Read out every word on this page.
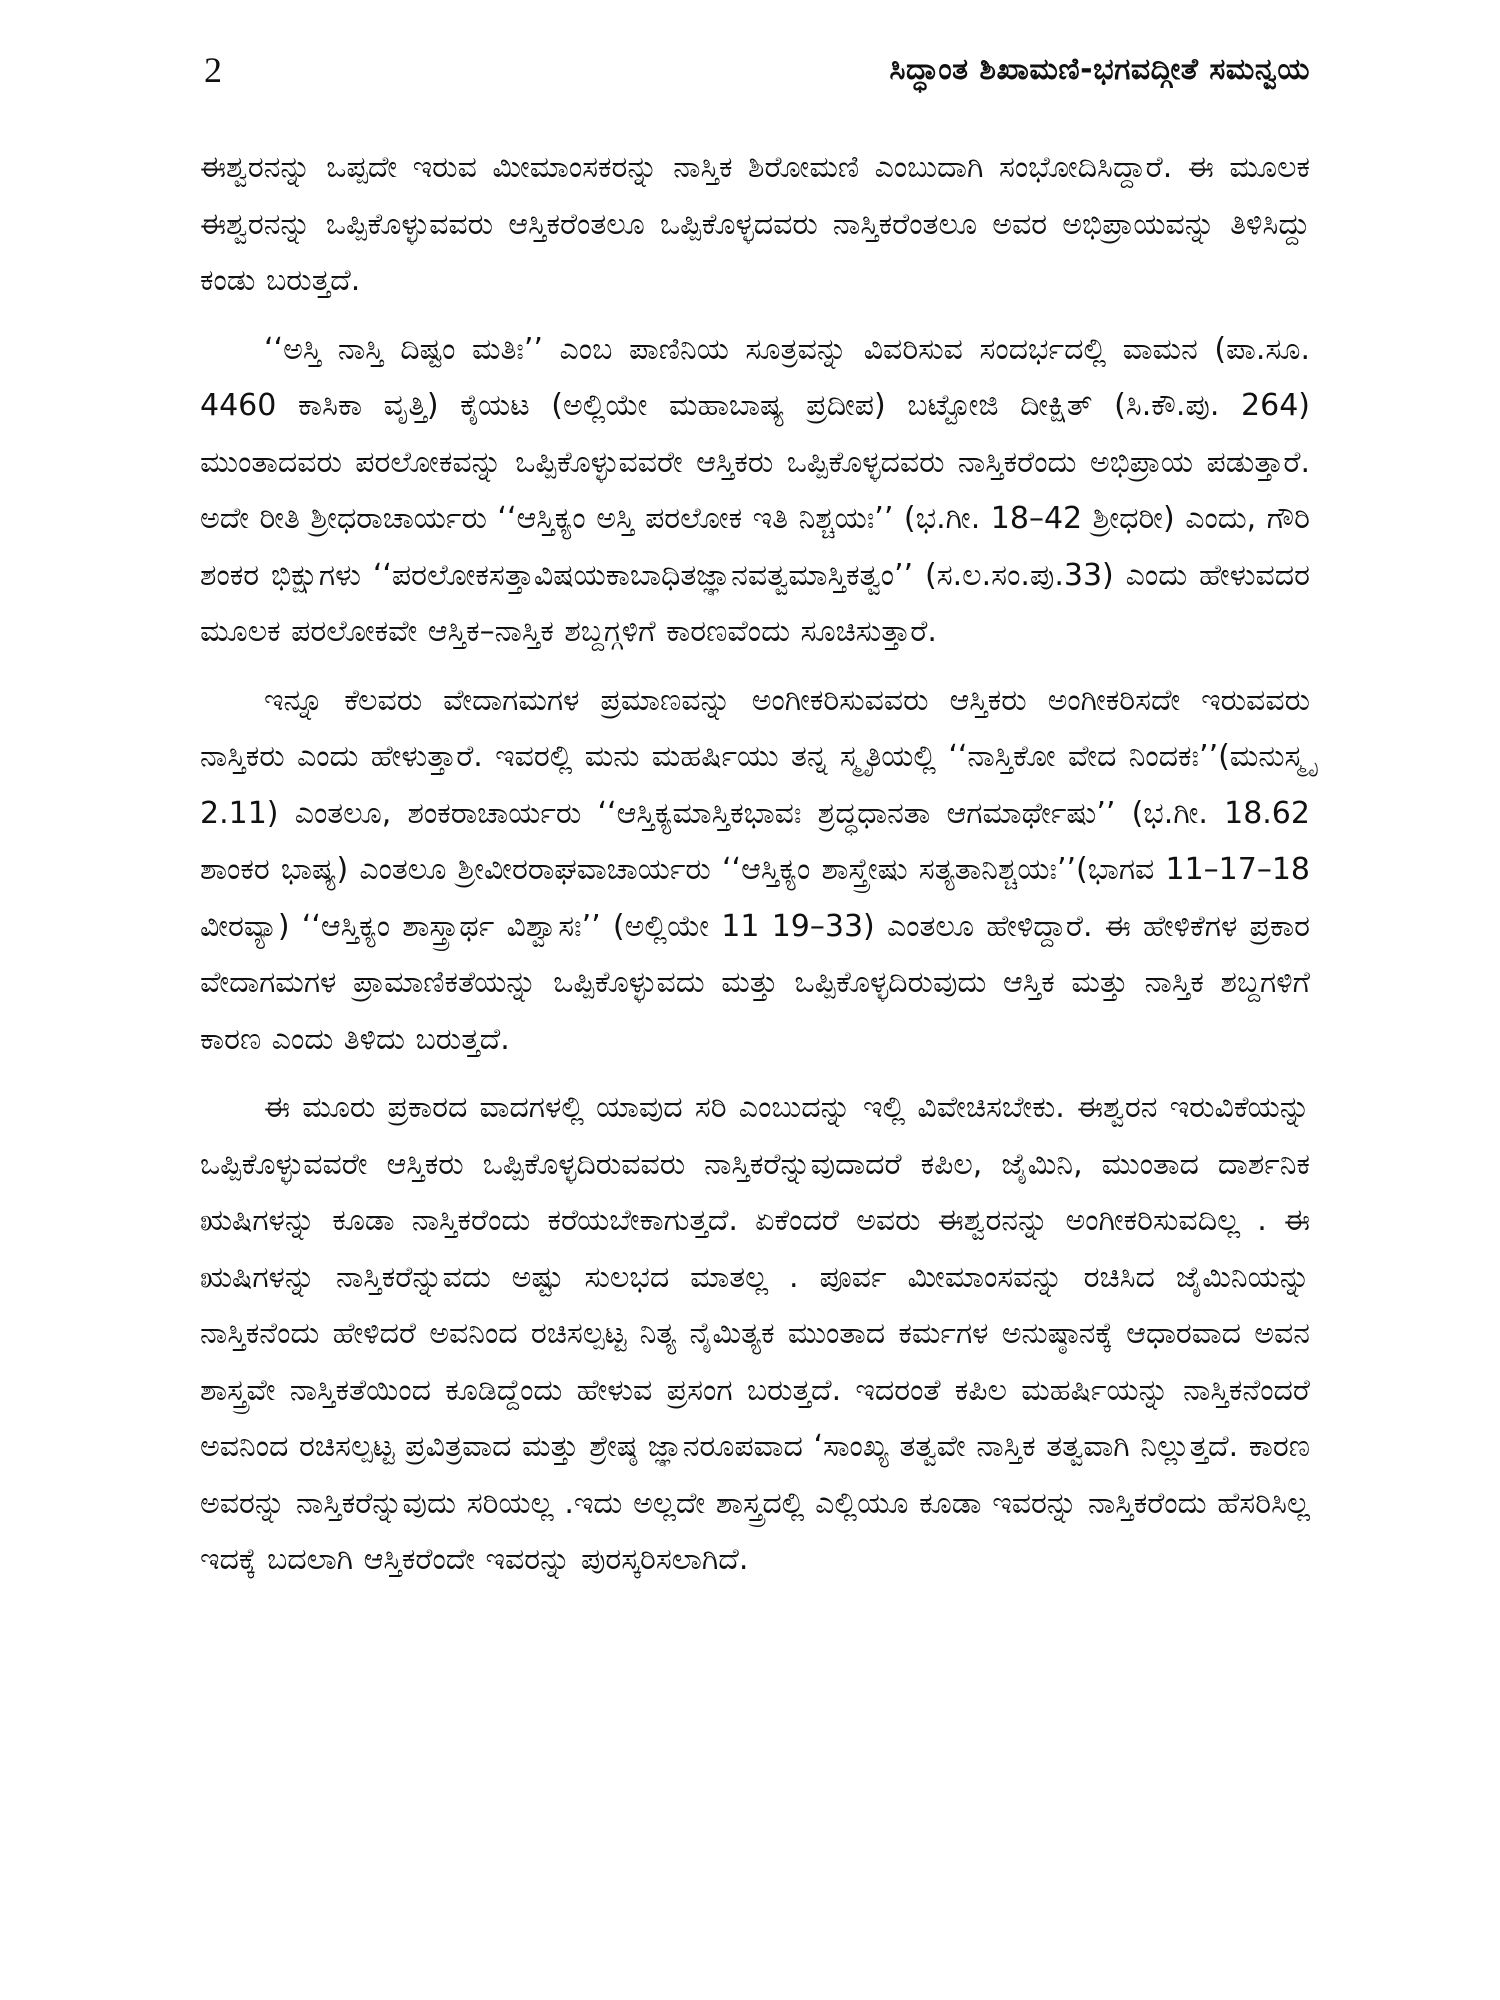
2	ಸಿದ್ಧಾಂತ ಶಿಖಾಮಣಿ-ಭಗವದ್ಗೀತೆ ಸಮನ್ವಯ

ಈಶ್ವರನನ್ನು ಒಪ್ಪದೇ ಇರುವ ಮೀಮಾಂಸಕರನ್ನು ನಾಸ್ತಿಕ ಶಿರೋಮಣಿ ಎಂಬುದಾಗಿ ಸಂಭೋದಿಸಿದ್ದಾರೆ. ಈ ಮೂಲಕ ಈಶ್ವರನನ್ನು ಒಪ್ಪಿಕೊಳ್ಳುವವರು ಆಸ್ತಿಕರೆಂತಲೂ ಒಪ್ಪಿಕೊಳ್ಳದವರು ನಾಸ್ತಿಕರೆಂತಲೂ ಅವರ ಅಭಿಪ್ರಾಯವನ್ನು ತಿಳಿಸಿದ್ದು ಕಂಡು ಬರುತ್ತದೆ.

‘‘ಅಸ್ತಿ ನಾಸ್ತಿ ದಿಷ್ಟಂ ಮತಿಃ’’ ಎಂಬ ಪಾಣಿನಿಯ ಸೂತ್ರವನ್ನು ವಿವರಿಸುವ ಸಂದರ್ಭದಲ್ಲಿ ವಾಮನ (ಪಾ.ಸೂ. 4460 ಕಾಸಿಕಾ ವೃತ್ತಿ) ಕೈಯಟ (ಅಲ್ಲಿಯೇ ಮಹಾಬಾಷ್ಯ ಪ್ರದೀಪ) ಬಟ್ಟೋಜಿ ದೀಕ್ಷಿತ್ (ಸಿ.ಕೌ.ಪು. 264) ಮುಂತಾದವರು ಪರಲೋಕವನ್ನು ಒಪ್ಪಿಕೊಳ್ಳುವವರೇ ಆಸ್ತಿಕರು ಒಪ್ಪಿಕೊಳ್ಳದವರು ನಾಸ್ತಿಕರೆಂದು ಅಭಿಪ್ರಾಯ ಪಡುತ್ತಾರೆ. ಅದೇ ರೀತಿ ಶ್ರೀಧರಾಚಾರ್ಯರು ‘‘ಆಸ್ತಿಕ್ಯಂ ಅಸ್ತಿ ಪರಲೋಕ ಇತಿ ನಿಶ್ಚಯಃ’’ (ಭ.ಗೀ. 18–42 ಶ್ರೀಧರೀ) ಎಂದು, ಗೌರಿ ಶಂಕರ ಭಿಕ್ಷುಗಳು ‘‘ಪರಲೋಕಸತ್ತಾವಿಷಯಕಾಬಾಧಿತಜ್ಞಾನವತ್ವಮಾಸ್ತಿಕತ್ವಂ’’ (ಸ.ಲ.ಸಂ.ಪು.33) ಎಂದು ಹೇಳುವದರ ಮೂಲಕ ಪರಲೋಕವೇ ಆಸ್ತಿಕ–ನಾಸ್ತಿಕ ಶಬ್ದಗ್ಗಳಿಗೆ ಕಾರಣವೆಂದು ಸೂಚಿಸುತ್ತಾರೆ.

ಇನ್ನೂ ಕೆಲವರು ವೇದಾಗಮಗಳ ಪ್ರಮಾಣವನ್ನು ಅಂಗೀಕರಿಸುವವರು ಆಸ್ತಿಕರು ಅಂಗೀಕರಿಸದೇ ಇರುವವರು ನಾಸ್ತಿಕರು ಎಂದು ಹೇಳುತ್ತಾರೆ. ಇವರಲ್ಲಿ ಮನು ಮಹರ್ಷಿಯು ತನ್ನ ಸ್ಮೃತಿಯಲ್ಲಿ ‘‘ನಾಸ್ತಿಕೋ ವೇದ ನಿಂದಕಃ’’(ಮನುಸ್ಮೃ 2.11) ಎಂತಲೂ, ಶಂಕರಾಚಾರ್ಯರು ‘‘ಆಸ್ತಿಕ್ಯಮಾಸ್ತಿಕಭಾವಃ ಶ್ರದ್ಧಧಾನತಾ ಆಗಮಾರ್ಥೇಷು’’ (ಭ.ಗೀ. 18.62 ಶಾಂಕರ ಭಾಷ್ಯ) ಎಂತಲೂ ಶ್ರೀವೀರರಾಘವಾಚಾರ್ಯರು ‘‘ಆಸ್ತಿಕ್ಯಂ ಶಾಸ್ತ್ರೇಷು ಸತ್ಯತಾನಿಶ್ಚಯಃ’’(ಭಾಗವ 11–17–18 ವೀರವ್ಯಾ) ‘‘ಆಸ್ತಿಕ್ಯಂ ಶಾಸ್ತ್ರಾರ್ಥ ವಿಶ್ವಾಸಃ’’ (ಅಲ್ಲಿಯೇ 11 19–33) ಎಂತಲೂ ಹೇಳಿದ್ದಾರೆ. ಈ ಹೇಳಿಕೆಗಳ ಪ್ರಕಾರ ವೇದಾಗಮಗಳ ಪ್ರಾಮಾಣಿಕತೆಯನ್ನು ಒಪ್ಪಿಕೊಳ್ಳುವದು ಮತ್ತು ಒಪ್ಪಿಕೊಳ್ಳದಿರುವುದು ಆಸ್ತಿಕ ಮತ್ತು ನಾಸ್ತಿಕ ಶಬ್ದಗಳಿಗೆ ಕಾರಣ ಎಂದು ತಿಳಿದು ಬರುತ್ತದೆ.

ಈ ಮೂರು ಪ್ರಕಾರದ ವಾದಗಳಲ್ಲಿ ಯಾವುದ ಸರಿ ಎಂಬುದನ್ನು ಇಲ್ಲಿ ವಿವೇಚಿಸಬೇಕು. ಈಶ್ವರನ ಇರುವಿಕೆಯನ್ನು ಒಪ್ಪಿಕೊಳ್ಳುವವರೇ ಆಸ್ತಿಕರು ಒಪ್ಪಿಕೊಳ್ಳದಿರುವವರು ನಾಸ್ತಿಕರೆನ್ನುವುದಾದರೆ ಕಪಿಲ, ಜೈಮಿನಿ, ಮುಂತಾದ ದಾರ್ಶನಿಕ ಋಷಿಗಳನ್ನು ಕೂಡಾ ನಾಸ್ತಿಕರೆಂದು ಕರೆಯಬೇಕಾಗುತ್ತದೆ. ಏಕೆಂದರೆ ಅವರು ಈಶ್ವರನನ್ನು ಅಂಗೀಕರಿಸುವದಿಲ್ಲ . ಈ ಋಷಿಗಳನ್ನು ನಾಸ್ತಿಕರೆನ್ನುವದು ಅಷ್ಟು ಸುಲಭದ ಮಾತಲ್ಲ . ಪೂರ್ವ ಮೀಮಾಂಸವನ್ನು ರಚಿಸಿದ ಜೈಮಿನಿಯನ್ನು ನಾಸ್ತಿಕನೆಂದು ಹೇಳಿದರೆ ಅವನಿಂದ ರಚಿಸಲ್ಪಟ್ಟ ನಿತ್ಯ ನೈಮಿತ್ಯಕ ಮುಂತಾದ ಕರ್ಮಗಳ ಅನುಷ್ಠಾನಕ್ಕೆ ಆಧಾರವಾದ ಅವನ ಶಾಸ್ತ್ರವೇ ನಾಸ್ತಿಕತೆಯಿಂದ ಕೂಡಿದ್ದೆಂದು ಹೇಳುವ ಪ್ರಸಂಗ ಬರುತ್ತದೆ. ಇದರಂತೆ ಕಪಿಲ ಮಹರ್ಷಿಯನ್ನು ನಾಸ್ತಿಕನೆಂದರೆ ಅವನಿಂದ ರಚಿಸಲ್ಪಟ್ಟ ಪ್ರವಿತ್ರವಾದ ಮತ್ತು ಶ್ರೇಷ್ಠ ಜ್ಞಾನರೂಪವಾದ ‘ಸಾಂಖ್ಯ ತತ್ವವೇ ನಾಸ್ತಿಕ ತತ್ವವಾಗಿ ನಿಲ್ಲುತ್ತದೆ. ಕಾರಣ ಅವರನ್ನು ನಾಸ್ತಿಕರೆನ್ನುವುದು ಸರಿಯಲ್ಲ .ಇದು ಅಲ್ಲದೇ ಶಾಸ್ತ್ರದಲ್ಲಿ ಎಲ್ಲಿಯೂ ಕೂಡಾ ಇವರನ್ನು ನಾಸ್ತಿಕರೆಂದು ಹೆಸರಿಸಿಲ್ಲ ಇದಕ್ಕೆ ಬದಲಾಗಿ ಆಸ್ತಿಕರೆಂದೇ ಇವರನ್ನು ಪುರಸ್ಕರಿಸಲಾಗಿದೆ.
